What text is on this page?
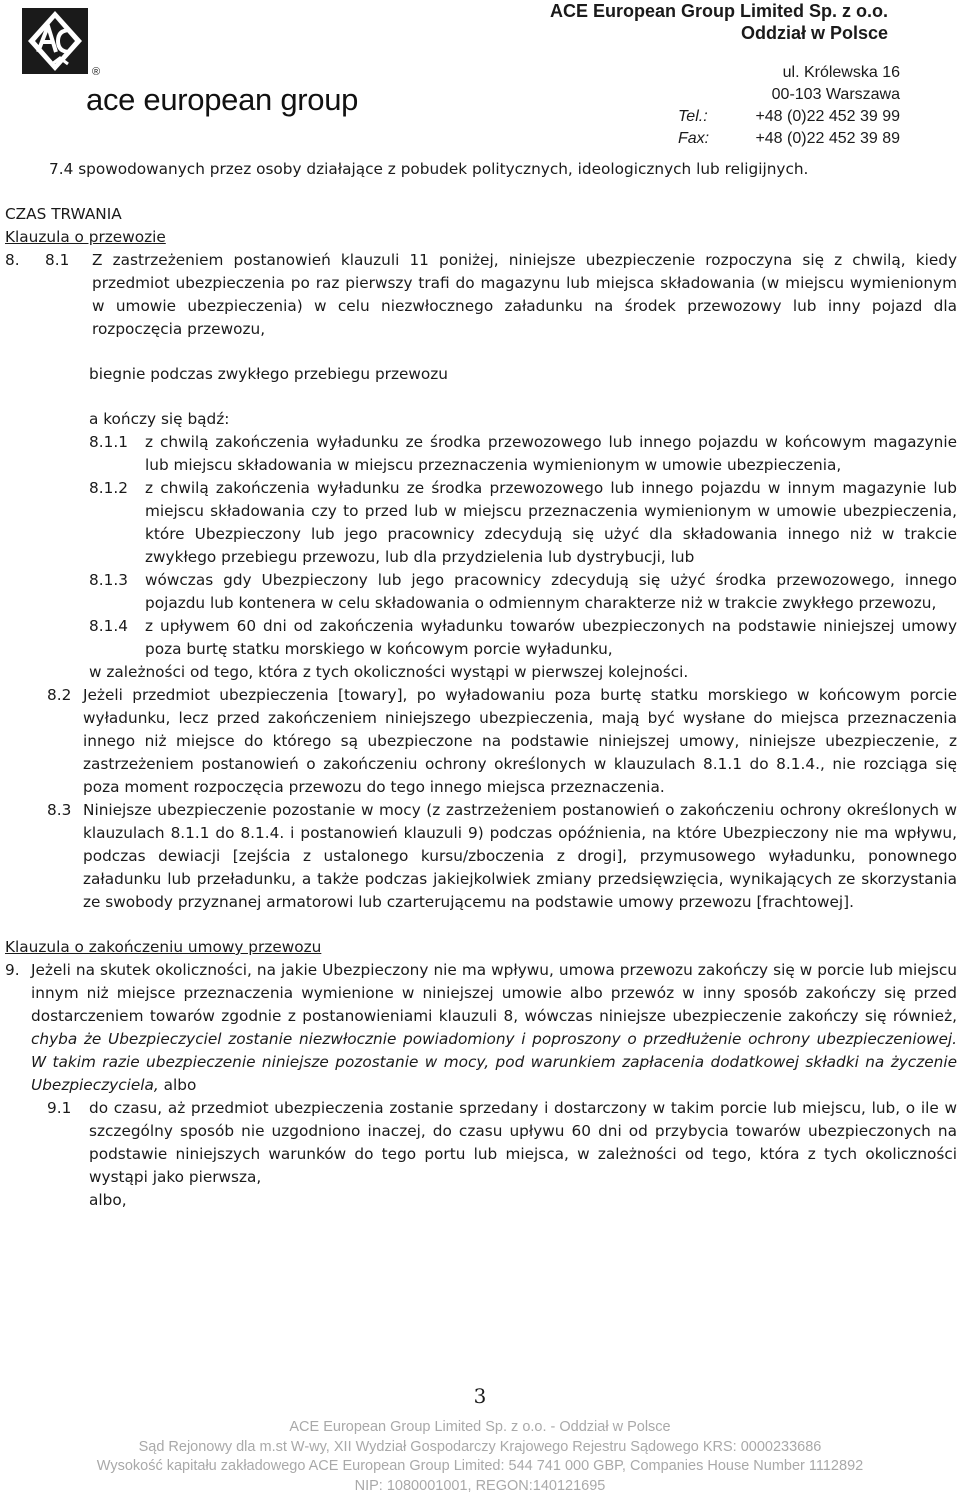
®
ace european group
ACE European Group Limited Sp. z o.o.
Oddział w Polsce
ul. Królewska 16
00-103 Warszawa
Tel.:	+48 (0)22 452 39 99
Fax:	+48 (0)22 452 39 89

7.4 spowodowanych przez osoby działające z pobudek politycznych, ideologicznych lub religijnych.

CZAS TRWANIA

Klauzula o przewozie

8.	8.1	Z zastrzeżeniem postanowień klauzuli 11 poniżej, niniejsze ubezpieczenie rozpoczyna się z chwilą, kiedy przedmiot ubezpieczenia po raz pierwszy trafi do magazynu lub miejsca składowania (w miejscu wymienionym w umowie ubezpieczenia) w celu niezwłocznego załadunku na środek przewozowy lub inny pojazd dla rozpoczęcia przewozu,

biegnie podczas zwykłego przebiegu przewozu

a kończy się bądź:

8.1.1	z chwilą zakończenia wyładunku ze środka przewozowego lub innego pojazdu w końcowym magazynie lub miejscu składowania w miejscu przeznaczenia wymienionym w umowie ubezpieczenia,
8.1.2	z chwilą zakończenia wyładunku ze środka przewozowego lub innego pojazdu w innym magazynie lub miejscu składowania czy to przed lub w miejscu przeznaczenia wymienionym w umowie ubezpieczenia, które Ubezpieczony lub jego pracownicy zdecydują się użyć dla składowania innego niż w trakcie zwykłego przebiegu przewozu, lub dla przydzielenia lub dystrybucji, lub
8.1.3	wówczas gdy Ubezpieczony lub jego pracownicy zdecydują się użyć środka przewozowego, innego pojazdu lub kontenera w celu składowania o odmiennym charakterze niż w trakcie zwykłego przewozu,
8.1.4	z upływem 60 dni od zakończenia wyładunku towarów ubezpieczonych na podstawie niniejszej umowy poza burtę statku morskiego w końcowym porcie wyładunku,

w zależności od tego, która z tych okoliczności wystąpi w pierwszej kolejności.

8.2 Jeżeli przedmiot ubezpieczenia [towary], po wyładowaniu poza burtę statku morskiego w końcowym porcie wyładunku, lecz przed zakończeniem niniejszego ubezpieczenia, mają być wysłane do miejsca przeznaczenia innego niż miejsce do którego są ubezpieczone na podstawie niniejszej umowy, niniejsze ubezpieczenie, z zastrzeżeniem postanowień o zakończeniu ochrony określonych w klauzulach 8.1.1 do 8.1.4., nie rozciąga się poza moment rozpoczęcia przewozu do tego innego miejsca przeznaczenia.
8.3 Niniejsze ubezpieczenie pozostanie w mocy (z zastrzeżeniem postanowień o zakończeniu ochrony określonych w klauzulach 8.1.1 do 8.1.4. i postanowień klauzuli 9) podczas opóźnienia, na które Ubezpieczony nie ma wpływu, podczas dewiacji [zejścia z ustalonego kursu/zboczenia z drogi], przymusowego wyładunku, ponownego załadunku lub przeładunku, a także podczas jakiejkolwiek zmiany przedsięwzięcia, wynikających ze skorzystania ze swobody przyznanej armatorowi lub czarterującemu na podstawie umowy przewozu [frachtowej].

Klauzula o zakończeniu umowy przewozu

9. Jeżeli na skutek okoliczności, na jakie Ubezpieczony nie ma wpływu, umowa przewozu zakończy się w porcie lub miejscu innym niż miejsce przeznaczenia wymienione w niniejszej umowie albo przewóz w inny sposób zakończy się przed dostarczeniem towarów zgodnie z postanowieniami klauzuli 8, wówczas niniejsze ubezpieczenie zakończy się również, chyba że Ubezpieczyciel zostanie niezwłocznie powiadomiony i poproszony o przedłużenie ochrony ubezpieczeniowej. W takim razie ubezpieczenie niniejsze pozostanie w mocy, pod warunkiem zapłacenia dodatkowej składki na życzenie Ubezpieczyciela, albo
9.1	do czasu, aż przedmiot ubezpieczenia zostanie sprzedany i dostarczony w takim porcie lub miejscu, lub, o ile w szczególny sposób nie uzgodniono inaczej, do czasu upływu 60 dni od przybycia towarów ubezpieczonych na podstawie niniejszych warunków do tego portu lub miejsca, w zależności od tego, która z tych okoliczności wystąpi jako pierwsza,

albo,

3
ACE European Group Limited Sp. z o.o. - Oddział w Polsce
Sąd Rejonowy dla m.st W-wy, XII Wydział Gospodarczy Krajowego Rejestru Sądowego KRS: 0000233686
Wysokość kapitału zakładowego ACE European Group Limited: 544 741 000 GBP, Companies House Number 1112892
NIP: 1080001001, REGON:140121695
